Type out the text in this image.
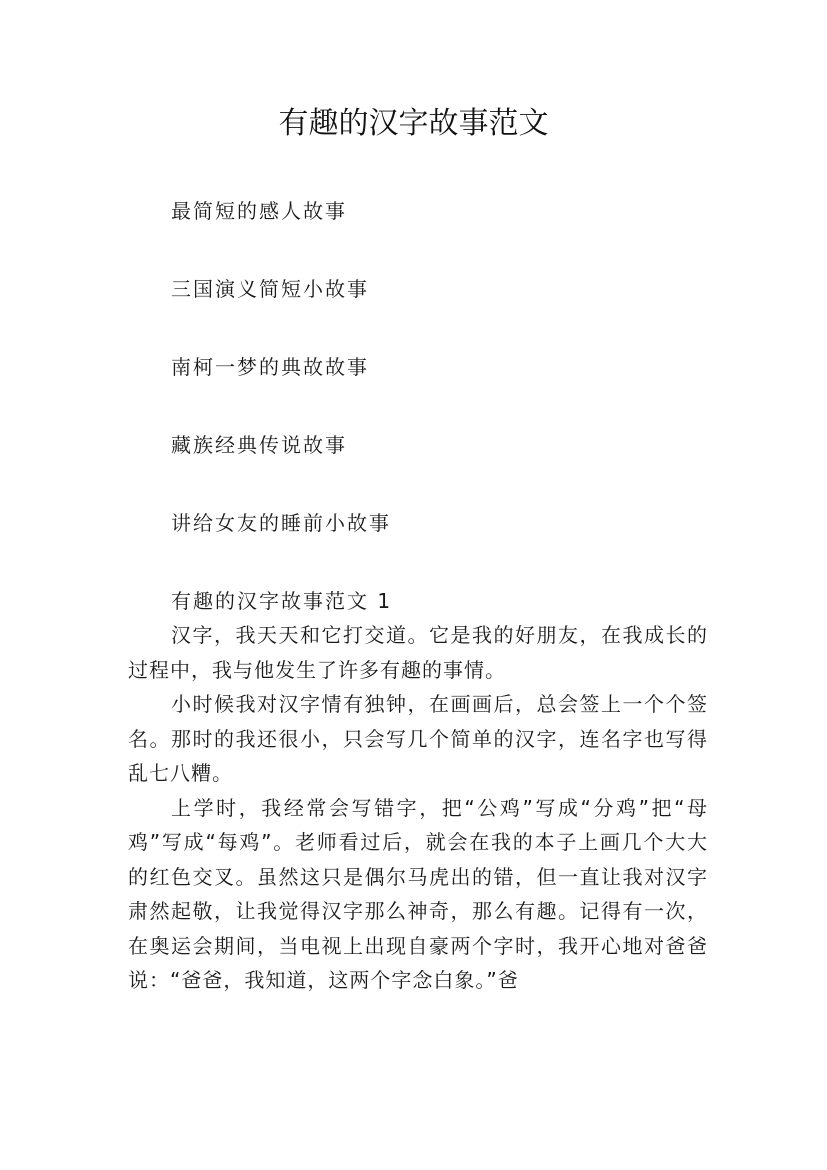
有趣的汉字故事范文
最简短的感人故事
三国演义简短小故事
南柯一梦的典故故事
藏族经典传说故事
讲给女友的睡前小故事
有趣的汉字故事范文 1

汉字，我天天和它打交道。它是我的好朋友，在我成长的过程中，我与他发生了许多有趣的事情。

小时候我对汉字情有独钟，在画画后，总会签上一个个签名。那时的我还很小，只会写几个简单的汉字，连名字也写得乱七八糟。

上学时，我经常会写错字，把“公鸡”写成“分鸡”把“母鸡”写成“每鸡”。老师看过后，就会在我的本子上画几个大大的红色交叉。虽然这只是偶尔马虎出的错，但一直让我对汉字肃然起敬，让我觉得汉字那么神奇，那么有趣。记得有一次，在奥运会期间，当电视上出现自豪两个字时，我开心地对爸爸说：“爸爸，我知道，这两个字念白象。”爸
